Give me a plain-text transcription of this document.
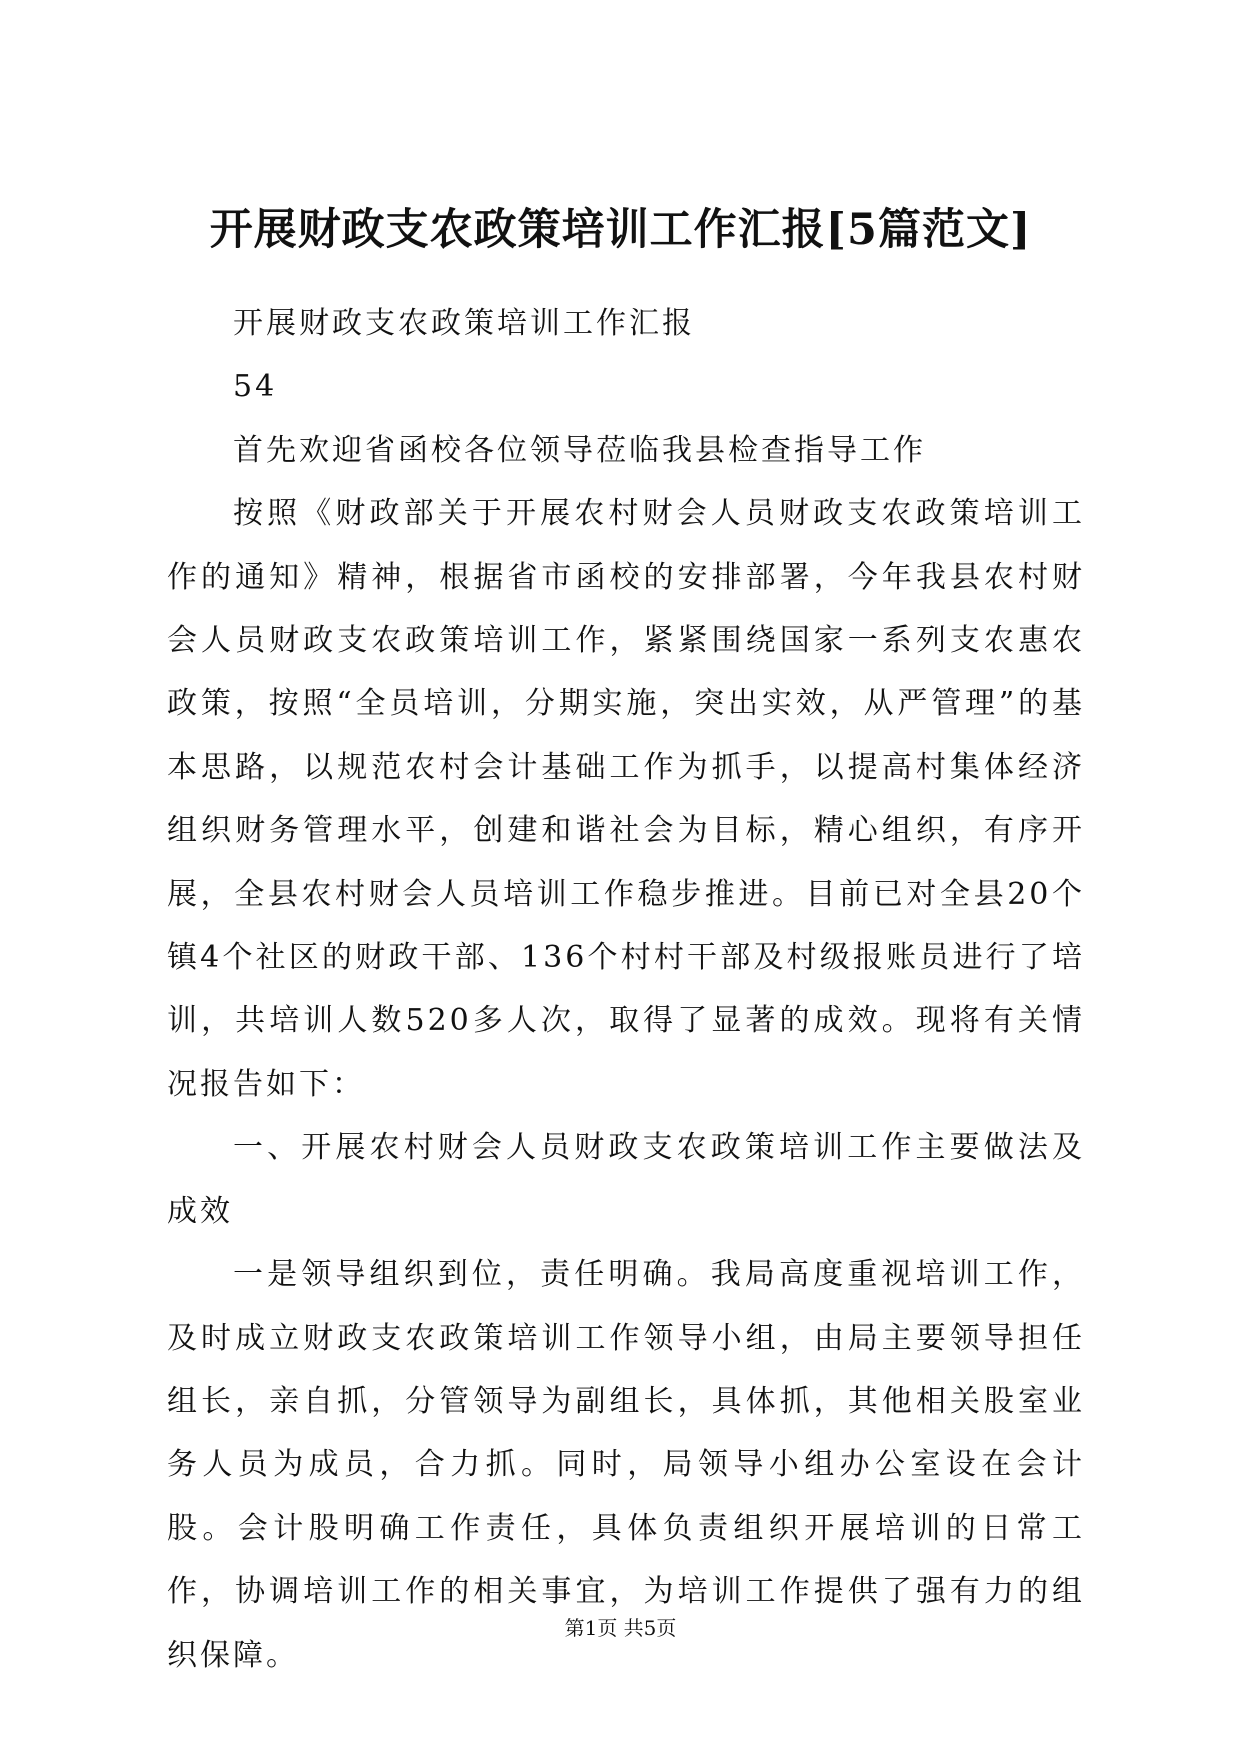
开展财政支农政策培训工作汇报[5篇范文]

开展财政支农政策培训工作汇报

54

首先欢迎省函校各位领导莅临我县检查指导工作

按照《财政部关于开展农村财会人员财政支农政策培训工作的通知》精神，根据省市函校的安排部署，今年我县农村财会人员财政支农政策培训工作，紧紧围绕国家一系列支农惠农政策，按照“全员培训，分期实施，突出实效，从严管理”的基本思路，以规范农村会计基础工作为抓手，以提高村集体经济组织财务管理水平，创建和谐社会为目标，精心组织，有序开展，全县农村财会人员培训工作稳步推进。目前已对全县20个镇4个社区的财政干部、136个村村干部及村级报账员进行了培训，共培训人数520多人次，取得了显著的成效。现将有关情况报告如下：

一、开展农村财会人员财政支农政策培训工作主要做法及成效

一是领导组织到位，责任明确。我局高度重视培训工作，及时成立财政支农政策培训工作领导小组，由局主要领导担任组长，亲自抓，分管领导为副组长，具体抓，其他相关股室业务人员为成员，合力抓。同时，局领导小组办公室设在会计股。会计股明确工作责任，具体负责组织开展培训的日常工作，协调培训工作的相关事宜，为培训工作提供了强有力的组织保障。

第1页 共5页
